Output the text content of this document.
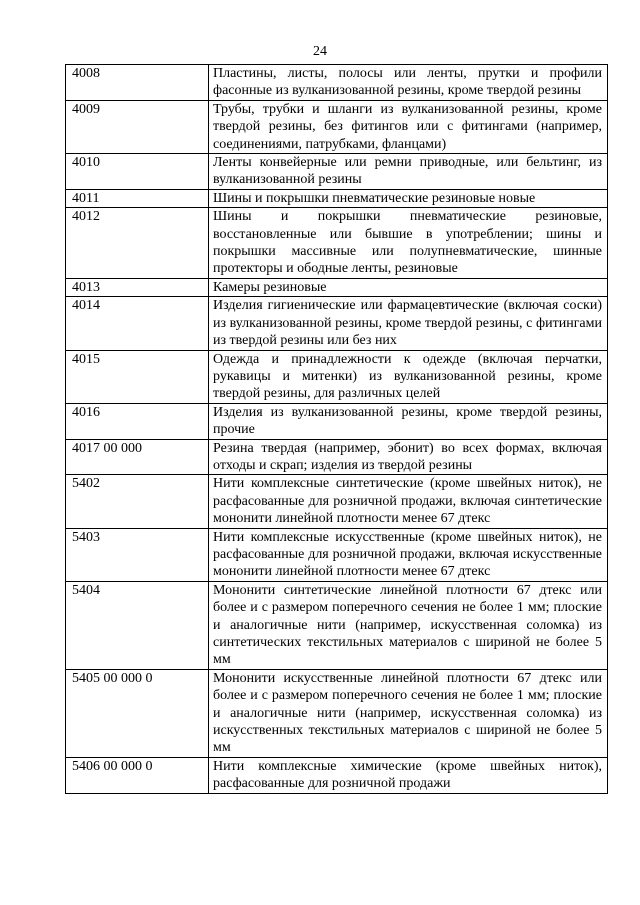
24
4008	Пластины, листы, полосы или ленты, прутки и профили фасонные из вулканизованной резины, кроме твердой резины
4009	Трубы, трубки и шланги из вулканизованной резины, кроме твердой резины, без фитингов или с фитингами (например, соединениями, патрубками, фланцами)
4010	Ленты конвейерные или ремни приводные, или бельтинг, из вулканизованной резины
4011	Шины и покрышки пневматические резиновые новые
4012	Шины и покрышки пневматические резиновые, восстановленные или бывшие в употреблении; шины и покрышки массивные или полупневматические, шинные протекторы и ободные ленты, резиновые
4013	Камеры резиновые
4014	Изделия гигиенические или фармацевтические (включая соски) из вулканизованной резины, кроме твердой резины, с фитингами из твердой резины или без них
4015	Одежда и принадлежности к одежде (включая перчатки, рукавицы и митенки) из вулканизованной резины, кроме твердой резины, для различных целей
4016	Изделия из вулканизованной резины, кроме твердой резины, прочие
4017 00 000	Резина твердая (например, эбонит) во всех формах, включая отходы и скрап; изделия из твердой резины
5402	Нити комплексные синтетические (кроме швейных ниток), не расфасованные для розничной продажи, включая синтетические мононити линейной плотности менее 67 дтекс
5403	Нити комплексные искусственные (кроме швейных ниток), не расфасованные для розничной продажи, включая искусственные мононити линейной плотности менее 67 дтекс
5404	Мононити синтетические линейной плотности 67 дтекс или более и с размером поперечного сечения не более 1 мм; плоские и аналогичные нити (например, искусственная соломка) из синтетических текстильных материалов с шириной не более 5 мм
5405 00 000 0	Мононити искусственные линейной плотности 67 дтекс или более и с размером поперечного сечения не более 1 мм; плоские и аналогичные нити (например, искусственная соломка) из искусственных текстильных материалов с шириной не более 5 мм
5406 00 000 0	Нити комплексные химические (кроме швейных ниток), расфасованные для розничной продажи
